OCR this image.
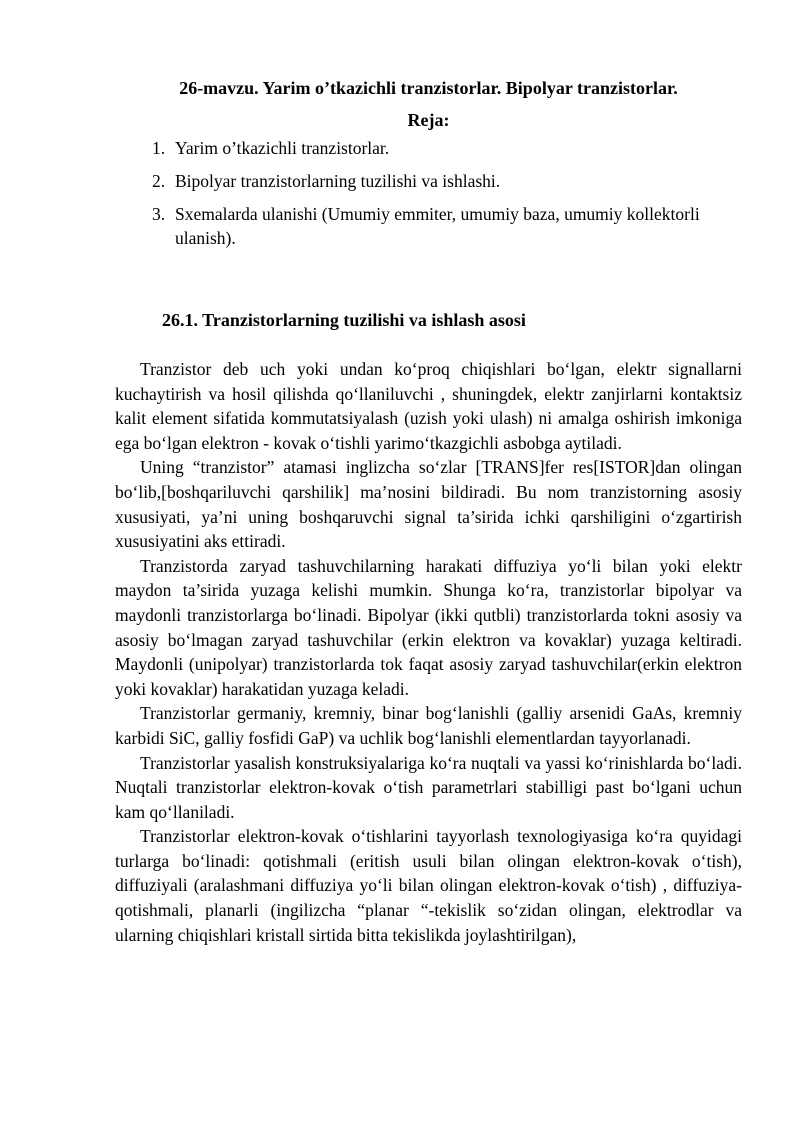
26-mavzu. Yarim o’tkazichli tranzistorlar. Bipolyar tranzistorlar.
Reja:
1. Yarim o’tkazichli tranzistorlar.
2. Bipolyar tranzistorlarning tuzilishi va ishlashi.
3. Sxemalarda ulanishi (Umumiy emmiter, umumiy baza, umumiy kollektorli ulanish).
26.1. Tranzistorlarning tuzilishi va ishlash asosi

Tranzistor deb uch yoki undan ko‘proq chiqishlari bo‘lgan, elektr signallarni kuchaytirish va hosil qilishda qo‘llaniluvchi , shuningdek, elektr zanjirlarni kontaktsiz kalit element sifatida kommutatsiyalash (uzish yoki ulash) ni amalga oshirish imkoniga ega bo‘lgan elektron - kovak o‘tishli yarimo‘tkazgichli asbobga aytiladi.

Uning “tranzistor” atamasi inglizcha so‘zlar [TRANS]fer res[ISTOR]dan olingan bo‘lib,[boshqariluvchi qarshilik] ma’nosini bildiradi. Bu nom tranzistorning asosiy xususiyati, ya’ni uning boshqaruvchi signal ta’sirida ichki qarshiligini o‘zgartirish xususiyatini aks ettiradi.

Tranzistorda zaryad tashuvchilarning harakati diffuziya yo‘li bilan yoki elektr maydon ta’sirida yuzaga kelishi mumkin. Shunga ko‘ra, tranzistorlar bipolyar va maydonli tranzistorlarga bo‘linadi. Bipolyar (ikki qutbli) tranzistorlarda tokni asosiy va asosiy bo‘lmagan zaryad tashuvchilar (erkin elektron va kovaklar) yuzaga keltiradi. Maydonli (unipolyar) tranzistorlarda tok faqat asosiy zaryad tashuvchilar(erkin elektron yoki kovaklar) harakatidan yuzaga keladi.

Tranzistorlar germaniy, kremniy, binar bog‘lanishli (galliy arsenidi GaAs, kremniy karbidi SiC, galliy fosfidi GaP) va uchlik bog‘lanishli elementlardan tayyorlanadi.

Tranzistorlar yasalish konstruksiyalariga ko‘ra nuqtali va yassi ko‘rinishlarda bo‘ladi. Nuqtali tranzistorlar elektron-kovak o‘tish parametrlari stabilligi past bo‘lgani uchun kam qo‘llaniladi.

Tranzistorlar elektron-kovak o‘tishlarini tayyorlash texnologiyasiga ko‘ra quyidagi turlarga bo‘linadi: qotishmali (eritish usuli bilan olingan elektron-kovak o‘tish), diffuziyali (aralashmani diffuziya yo‘li bilan olingan elektron-kovak o‘tish) , diffuziya-qotishmali, planarli (ingilizcha “planar “-tekislik so‘zidan olingan, elektrodlar va ularning chiqishlari kristall sirtida bitta tekislikda joylashtirilgan),
